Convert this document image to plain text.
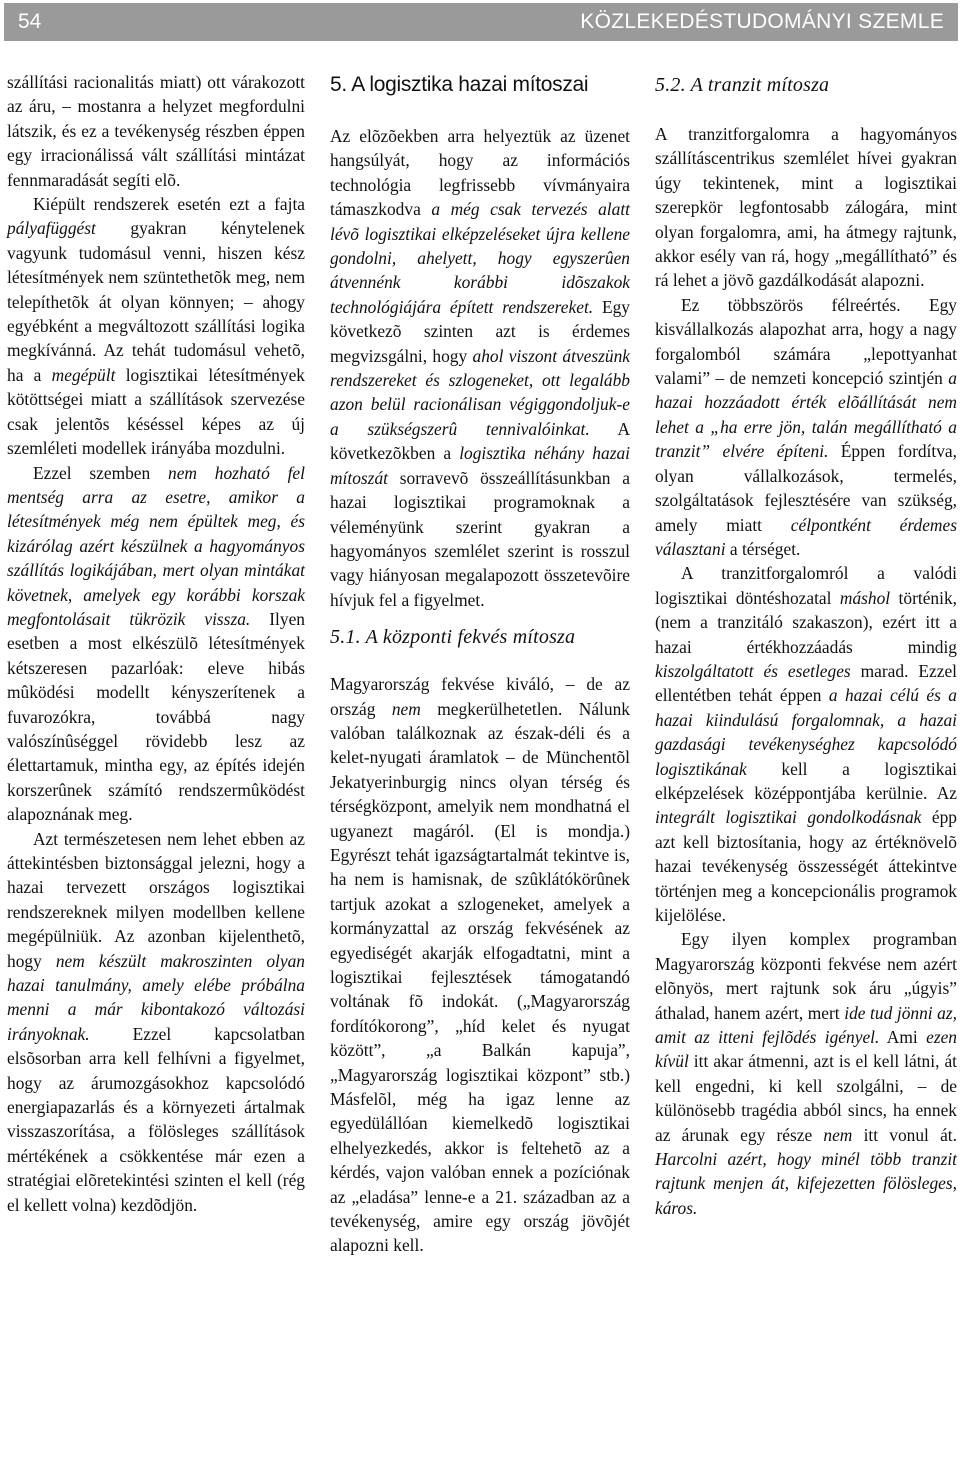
54	KÖZLEKEDÉSTUDOMÁNYI SZEMLE

szállítási racionalitás miatt) ott várakozott az áru, – mostanra a helyzet megfordulni látszik, és ez a tevékenység részben éppen egy irracionálissá vált szállítási mintázat fennmaradását segíti elõ.

Kiépült rendszerek esetén ezt a fajta pályafüggést gyakran kénytelenek vagyunk tudomásul venni, hiszen kész létesítmények nem szüntethetõk meg, nem telepíthetõk át olyan könnyen; – ahogy egyébként a megváltozott szállítási logika megkívánná. Az tehát tudomásul vehetõ, ha a megépült logisztikai létesítmények kötöttségei miatt a szállítások szervezése csak jelentõs késéssel képes az új szemléleti modellek irányába mozdulni.

Ezzel szemben nem hozható fel mentség arra az esetre, amikor a létesítmények még nem épültek meg, és kizárólag azért készülnek a hagyományos szállítás logikájában, mert olyan mintákat követnek, amelyek egy korábbi korszak megfontolásait tükrözik vissza. Ilyen esetben a most elkészülõ létesítmények kétszeresen pazarlóak: eleve hibás mûködési modellt kényszerítenek a fuvarozókra, továbbá nagy valószínûséggel rövidebb lesz az élettartamuk, mintha egy, az építés idején korszerûnek számító rendszermûködést alapoznának meg.

Azt természetesen nem lehet ebben az áttekintésben biztonsággal jelezni, hogy a hazai tervezett országos logisztikai rendszereknek milyen modellben kellene megépülniük. Az azonban kijelenthetõ, hogy nem készült makroszinten olyan hazai tanulmány, amely elébe próbálna menni a már kibontakozó változási irányoknak. Ezzel kapcsolatban elsõsorban arra kell felhívni a figyelmet, hogy az árumozgásokhoz kapcsolódó energiapazarlás és a környezeti ártalmak visszaszorítása, a fölösleges szállítások mértékének a csökkentése már ezen a stratégiai elõretekintési szinten el kell (rég el kellett volna) kezdõdjön.

5. A logisztika hazai mítoszai

Az elõzõekben arra helyeztük az üzenet hangsúlyát, hogy az információs technológia legfrissebb vívmányaira támaszkodva a még csak tervezés alatt lévõ logisztikai elképzeléseket újra kellene gondolni, ahelyett, hogy egyszerûen átvennénk korábbi idõszakok technológiájára épített rendszereket. Egy következõ szinten azt is érdemes megvizsgálni, hogy ahol viszont átveszünk rendszereket és szlogeneket, ott legalább azon belül racionálisan végiggondoljuk-e a szükségszerû tennivalóinkat. A következõkben a logisztika néhány hazai mítoszát sorravevõ összeállításunkban a hazai logisztikai programoknak a véleményünk szerint gyakran a hagyományos szemlélet szerint is rosszul vagy hiányosan megalapozott összetevõire hívjuk fel a figyelmet.

5.1. A központi fekvés mítosza

Magyarország fekvése kiváló, – de az ország nem megkerülhetetlen. Nálunk valóban találkoznak az észak-déli és a kelet-nyugati áramlatok – de Münchentõl Jekatyerinburgig nincs olyan térség és térségközpont, amelyik nem mondhatná el ugyanezt magáról. (El is mondja.) Egyrészt tehát igazságtartalmát tekintve is, ha nem is hamisnak, de szûklátókörûnek tartjuk azokat a szlogeneket, amelyek a kormányzattal az ország fekvésének az egyediségét akarják elfogadtatni, mint a logisztikai fejlesztések támogatandó voltának fõ indokát. („Magyarország fordítókorong”, „híd kelet és nyugat között”, „a Balkán kapuja”, „Magyarország logisztikai központ” stb.) Másfelõl, még ha igaz lenne az egyedülállóan kiemelkedõ logisztikai elhelyezkedés, akkor is feltehetõ az a kérdés, vajon valóban ennek a pozíciónak az „eladása” lenne-e a 21. században az a tevékenység, amire egy ország jövõjét alapozni kell.

5.2. A tranzit mítosza

A tranzitforgalomra a hagyományos szállításcentrikus szemlélet hívei gyakran úgy tekintenek, mint a logisztikai szerepkör legfontosabb zálogára, mint olyan forgalomra, ami, ha átmegy rajtunk, akkor esély van rá, hogy „megállítható” és rá lehet a jövõ gazdálkodását alapozni.

Ez többszörös félreértés. Egy kisvállalkozás alapozhat arra, hogy a nagy forgalomból számára „lepottyanhat valami” – de nemzeti koncepció szintjén a hazai hozzáadott érték elõállítását nem lehet a „ha erre jön, talán megállítható a tranzit” elvére építeni. Éppen fordítva, olyan vállalkozások, termelés, szolgáltatások fejlesztésére van szükség, amely miatt célpontként érdemes választani a térséget.

A tranzitforgalomról a valódi logisztikai döntéshozatal máshol történik, (nem a tranzitáló szakaszon), ezért itt a hazai értékhozzáadás mindig kiszolgáltatott és esetleges marad. Ezzel ellentétben tehát éppen a hazai célú és a hazai kiindulású forgalomnak, a hazai gazdasági tevékenységhez kapcsolódó logisztikának kell a logisztikai elképzelések középpontjába kerülnie. Az integrált logisztikai gondolkodásnak épp azt kell biztosítania, hogy az értéknövelõ hazai tevékenység összességét áttekintve történjen meg a koncepcionális programok kijelölése.

Egy ilyen komplex programban Magyarország központi fekvése nem azért elõnyös, mert rajtunk sok áru „úgyis” áthalad, hanem azért, mert ide tud jönni az, amit az itteni fejlõdés igényel. Ami ezen kívül itt akar átmenni, azt is el kell látni, át kell engedni, ki kell szolgálni, – de különösebb tragédia abból sincs, ha ennek az árunak egy része nem itt vonul át. Harcolni azért, hogy minél több tranzit rajtunk menjen át, kifejezetten fölösleges, káros.
